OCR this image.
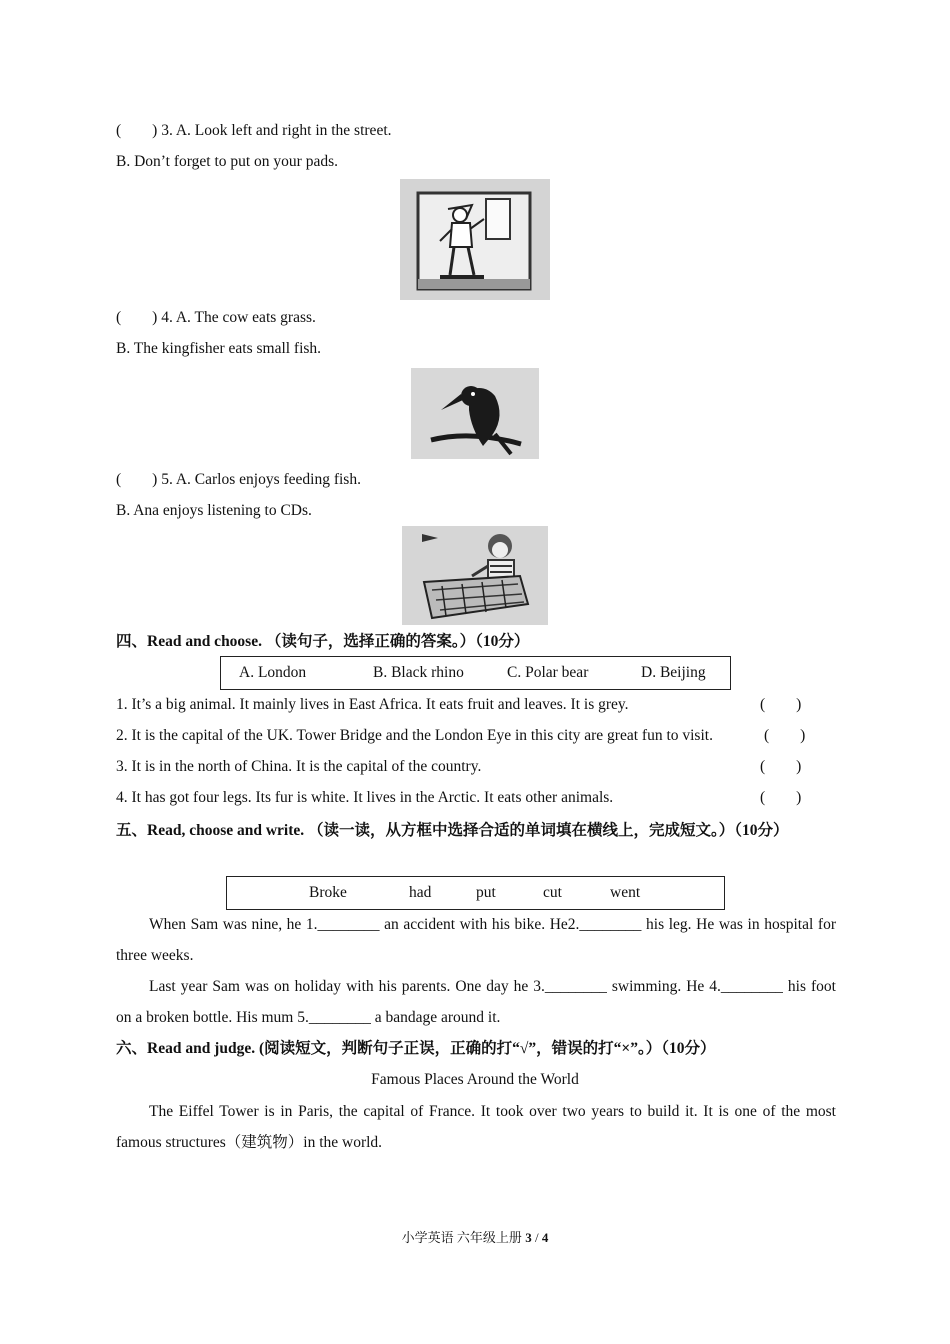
(　　) 3. A. Look left and right in the street.
B. Don’t forget to put on your pads.
(　　) 4. A. The cow eats grass.
B. The kingfisher eats small fish.
(　　) 5. A. Carlos enjoys feeding fish.
B. Ana enjoys listening to CDs.
四、Read and choose. （读句子，选择正确的答案。）（10分）
A. London	B. Black rhino	C. Polar bear	D. Beijing
1. It’s a big animal. It mainly lives in East Africa. It eats fruit and leaves. It is grey.	(　　)
2. It is the capital of the UK. Tower Bridge and the London Eye in this city are great fun to visit.	(　　)
3. It is in the north of China. It is the capital of the country.	(　　)
4. It has got four legs. Its fur is white. It lives in the Arctic. It eats other animals.	(　　)
五、Read, choose and write. （读一读，从方框中选择合适的单词填在横线上，完成短文。）（10分）
Broke	had	put	cut	went
When Sam was nine, he 1.________ an accident with his bike. He2.________ his leg. He was in hospital for three weeks.
Last year Sam was on holiday with his parents. One day he 3.________ swimming. He 4.________ his foot on a broken bottle. His mum 5.________ a bandage around it.
六、Read and judge. (阅读短文，判断句子正误，正确的打“√”，错误的打“×”。）（10分）
Famous Places Around the World
The Eiffel Tower is in Paris, the capital of France. It took over two years to build it. It is one of the most famous structures（建筑物）in the world.
小学英语 六年级上册 3 / 4
